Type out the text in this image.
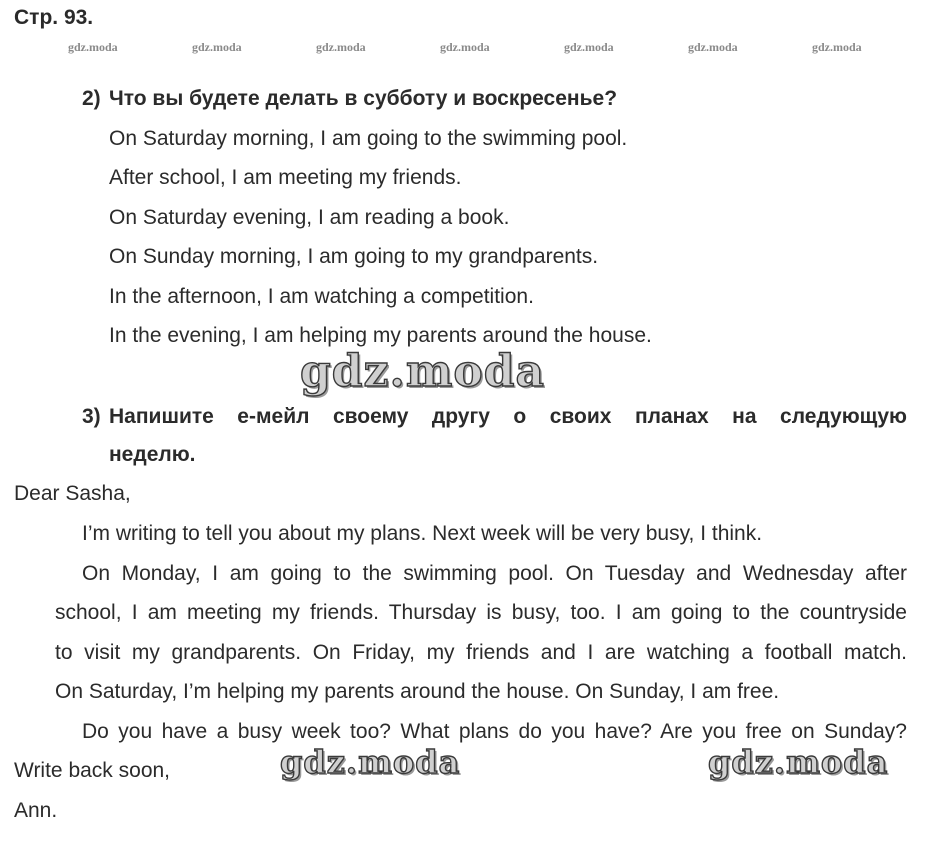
Стр. 93.
gdz.moda	gdz.moda	gdz.moda	gdz.moda	gdz.moda	gdz.moda	gdz.moda
2) Что вы будете делать в субботу и воскресенье?
On Saturday morning, I am going to the swimming pool.
After school, I am meeting my friends.
On Saturday evening, I am reading a book.
On Sunday morning, I am going to my grandparents.
In the afternoon, I am watching a competition.
In the evening, I am helping my parents around the house.
gdz.moda
3) Напишите е-мейл своему другу о своих планах на следующую
неделю.
Dear Sasha,
I’m writing to tell you about my plans. Next week will be very busy, I think.
On Monday, I am going to the swimming pool. On Tuesday and Wednesday after
school, I am meeting my friends. Thursday is busy, too. I am going to the countryside
to visit my grandparents. On Friday, my friends and I are watching a football match.
On Saturday, I’m helping my parents around the house. On Sunday, I am free.
Do you have a busy week too? What plans do you have? Are you free on Sunday?
gdz.moda	gdz.moda
Write back soon,
Ann.
